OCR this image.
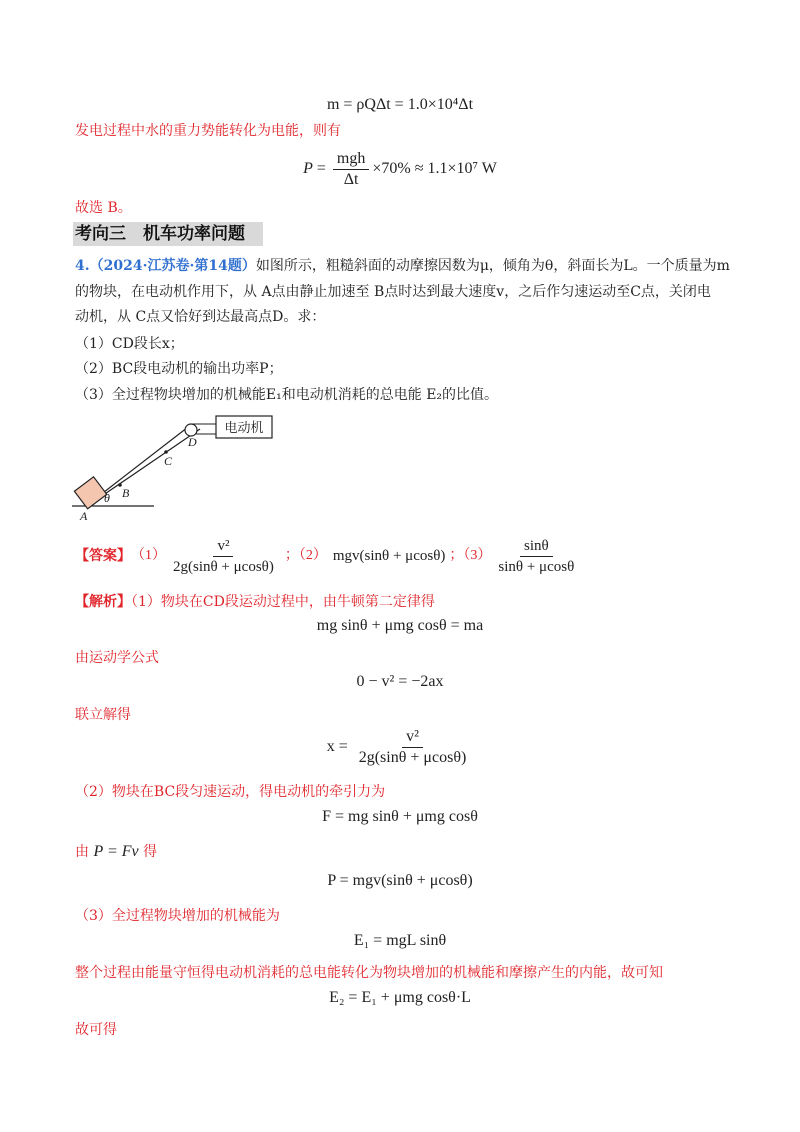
m = ρQΔt = 1.0×10⁴Δt
发电过程中水的重力势能转化为电能，则有
$P = \frac{\text{mgh}}{\Delta t} \times 70\% \approx 1.1\times 10^7$ W
故选 B。
考向三　机车功率问题
4.（2024·江苏卷·第14题）如图所示，粗糙斜面的动摩擦因数为μ，倾角为θ，斜面长为L。一个质量为m
的物块，在电动机作用下，从 A点由静止加速至 B点时达到最大速度v，之后作匀速运动至C点，关闭电
动机，从 C点又恰好到达最高点D。求：
（1）CD段长x；
（2）BC段电动机的输出功率P；
（3）全过程物块增加的机械能E₁和电动机消耗的总电能 E₂的比值。
电动机
A
θ B
C
D
【答案】 $(1) \frac{\text{v²}}{2g(\sin\theta + \mu\cos\theta)}$ ；（2） mgv(sinθ + μcosθ) ；$(3) \frac{\sin\theta}{\sin\theta + \mu\cos\theta}$
【解析】（1）物块在CD段运动过程中，由牛顿第二定律得
mg sinθ + μmg cosθ = ma
由运动学公式
0 − v² = −2ax
联立解得
$x = \frac{\text{v²}}{2g(\sin\theta + \mu\cos\theta)}$
（2）物块在BC段匀速运动，得电动机的牵引力为
F = mg sinθ + μmg cosθ
由 P = Fv 得
P = mgv(sinθ + μcosθ)
（3）全过程物块增加的机械能为
E₁ = mgL sinθ
整个过程由能量守恒得电动机消耗的总电能转化为物块增加的机械能和摩擦产生的内能，故可知
E₂ = E₁ + μmg cosθ·L
故可得
